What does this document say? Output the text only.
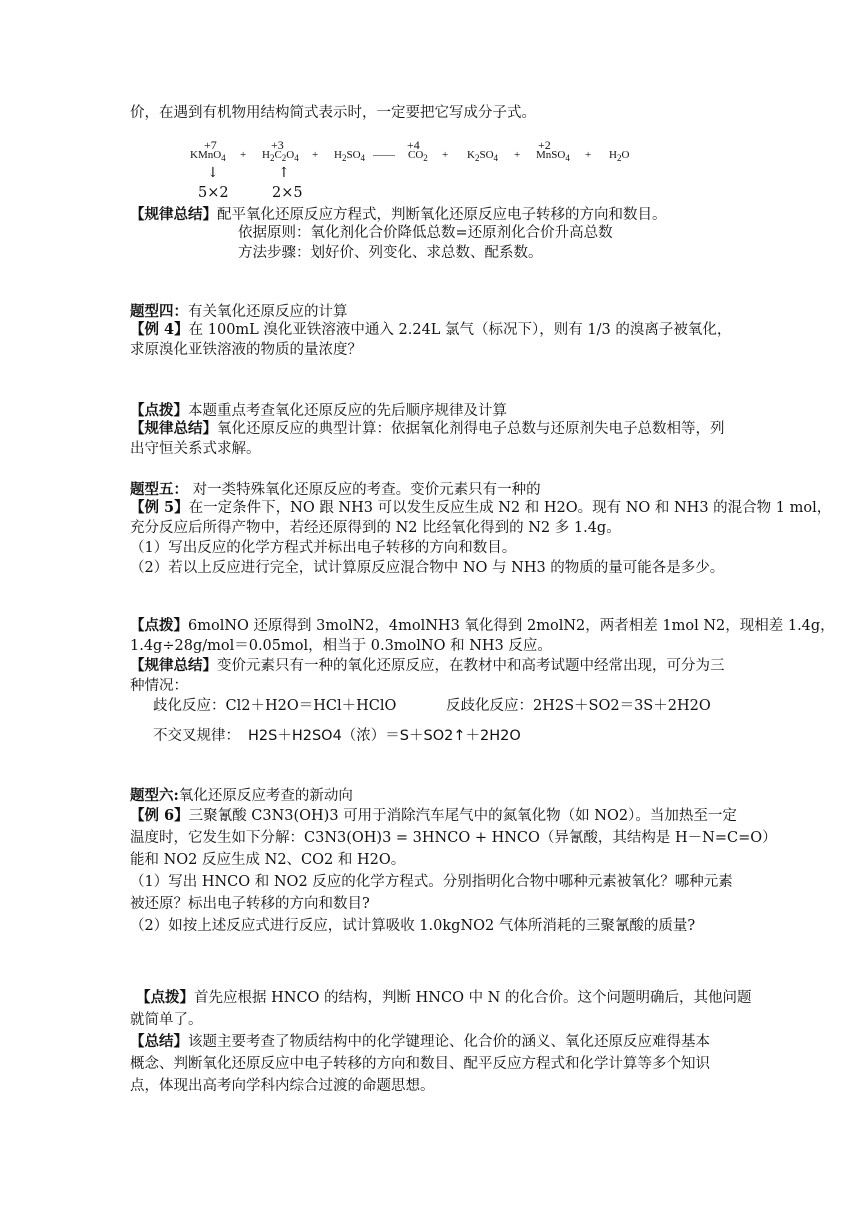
价，在遇到有机物用结构简式表示时，一定要把它写成分子式。
+7	+3	+4	+2
KMnO$_4$ + $H_2C_2O_4 + H_2SO_4$ —— $CO_2 + K_2SO_4$ + MnSO$_4$ + $H_2O$
↓	↑
5×2	2×5
【规律总结】配平氧化还原反应方程式，判断氧化还原反应电子转移的方向和数目。
依据原则：氧化剂化合价降低总数=还原剂化合价升高总数
方法步骤：划好价、列变化、求总数、配系数。
题型四：有关氧化还原反应的计算
【例 4】在 100mL 溴化亚铁溶液中通入 2.24L 氯气（标况下），则有 1/3 的溴离子被氧化，
求原溴化亚铁溶液的物质的量浓度？
【点拨】本题重点考查氧化还原反应的先后顺序规律及计算
【规律总结】氧化还原反应的典型计算：依据氧化剂得电子总数与还原剂失电子总数相等，列
出守恒关系式求解。
题型五： 对一类特殊氧化还原反应的考查。变价元素只有一种的
【例 5】在一定条件下，NO 跟 NH3 可以发生反应生成 N2 和 H2O。现有 NO 和 NH3 的混合物 1 mol，
充分反应后所得产物中，若经还原得到的 N2 比经氧化得到的 N2 多 1.4g。
（1）写出反应的化学方程式并标出电子转移的方向和数目。
（2）若以上反应进行完全，试计算原反应混合物中 NO 与 NH3 的物质的量可能各是多少。
【点拨】6molNO 还原得到 3molN2，4molNH3 氧化得到 2molN2，两者相差 1mol N2，现相差 1.4g，
1.4g÷28g/mol＝0.05mol，相当于 0.3molNO 和 NH3 反应。
【规律总结】变价元素只有一种的氧化还原反应，在教材中和高考试题中经常出现，可分为三
种情况：
歧化反应：Cl2＋H2O＝HCl＋HClO	反歧化反应：2H2S＋SO2＝3S＋2H2O
不交叉规律： H2S＋H2SO4（浓）＝S＋SO2↑＋2H2O
题型六:氧化还原反应考查的新动向
【例 6】三聚氰酸 C3N3(OH)3 可用于消除汽车尾气中的氮氧化物（如 NO2）。当加热至一定
温度时，它发生如下分解：C3N3(OH)3 = 3HNCO + HNCO（异氰酸，其结构是 H－N=C=O）
能和 NO2 反应生成 N2、CO2 和 H2O。
（1）写出 HNCO 和 NO2 反应的化学方程式。分别指明化合物中哪种元素被氧化？哪种元素
被还原？标出电子转移的方向和数目?
（2）如按上述反应式进行反应，试计算吸收 1.0kgNO2 气体所消耗的三聚氰酸的质量?
【点拨】首先应根据 HNCO 的结构，判断 HNCO 中 N 的化合价。这个问题明确后，其他问题
就简单了。
【总结】该题主要考查了物质结构中的化学键理论、化合价的涵义、氧化还原反应难得基本
概念、判断氧化还原反应中电子转移的方向和数目、配平反应方程式和化学计算等多个知识
点，体现出高考向学科内综合过渡的命题思想。
